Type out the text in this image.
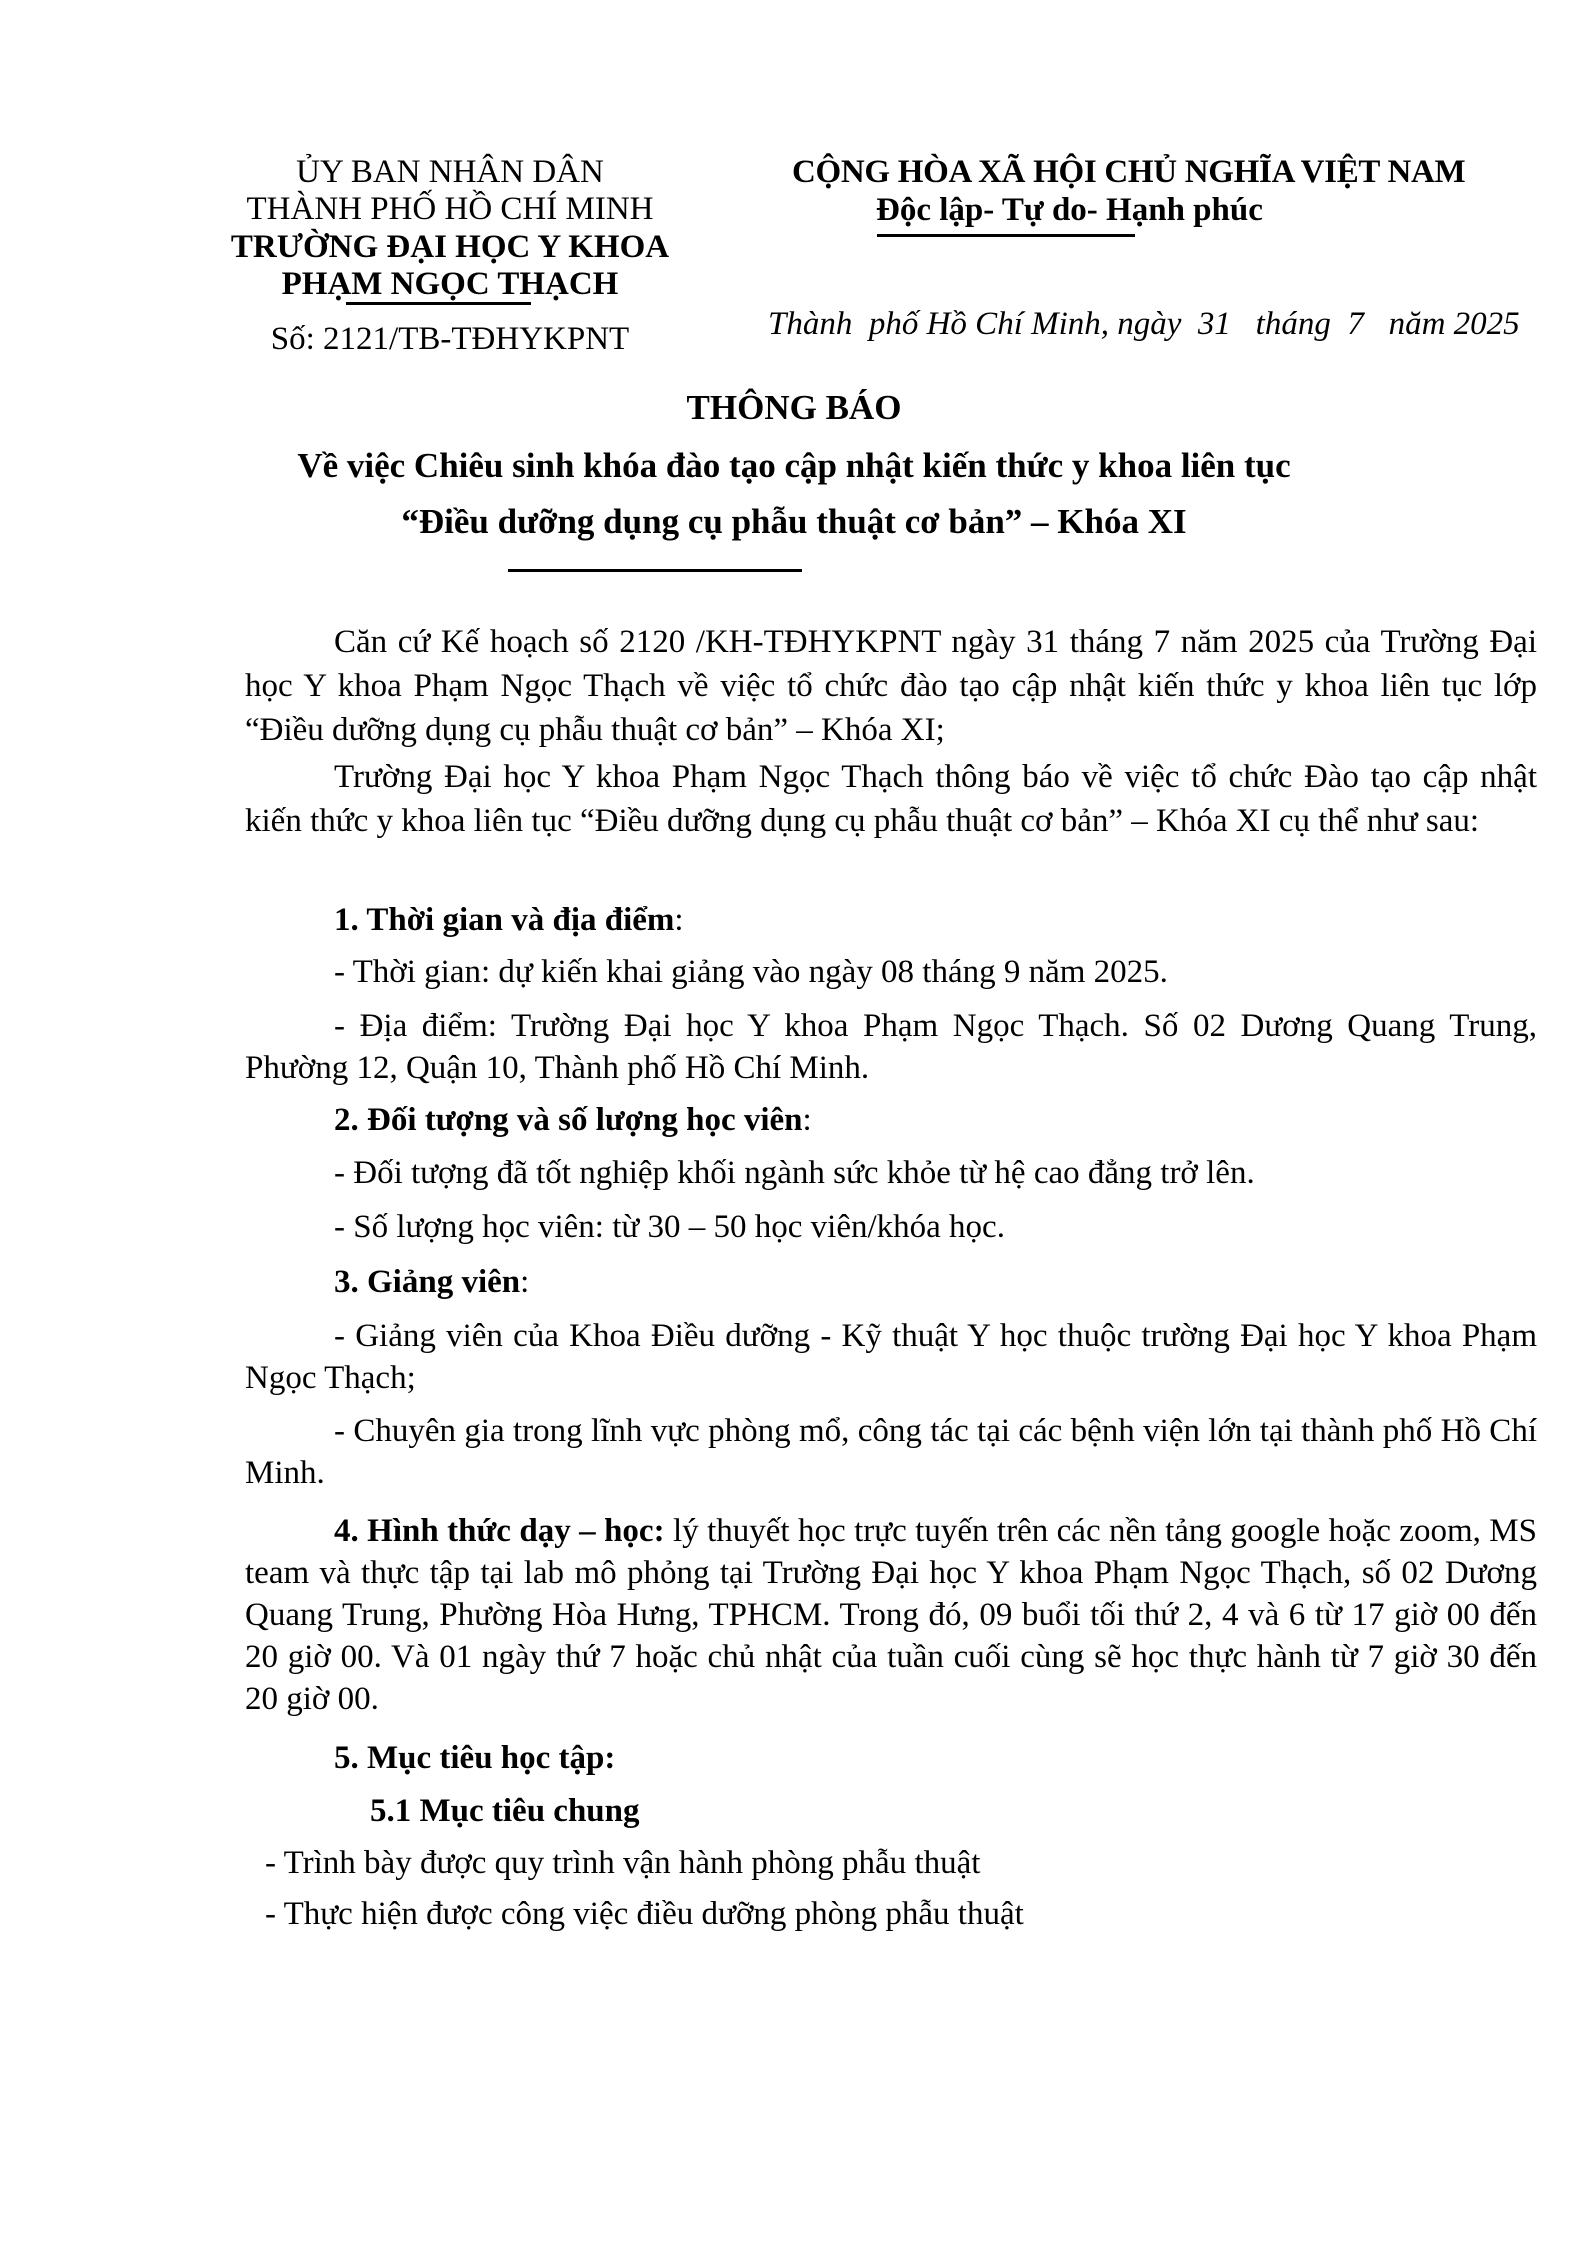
ỦY BAN NHÂN DÂN
THÀNH PHỐ HỒ CHÍ MINH
TRƯỜNG ĐẠI HỌC Y KHOA
PHẠM NGỌC THẠCH
Số: 2121/TB-TĐHYKPNT
CỘNG HÒA XÃ HỘI CHỦ NGHĨA VIỆT NAM
Độc lập- Tự do- Hạnh phúc
Thành  phố Hồ Chí Minh, ngày  31   tháng  7   năm 2025
THÔNG BÁO
Về việc Chiêu sinh khóa đào tạo cập nhật kiến thức y khoa liên tục
“Điều dưỡng dụng cụ phẫu thuật cơ bản” – Khóa XI
Căn cứ Kế hoạch số 2120 /KH-TĐHYKPNT ngày 31 tháng 7 năm 2025 của Trường Đại học Y khoa Phạm Ngọc Thạch về việc tổ chức đào tạo cập nhật kiến thức y khoa liên tục lớp “Điều dưỡng dụng cụ phẫu thuật cơ bản” – Khóa XI;
Trường Đại học Y khoa Phạm Ngọc Thạch thông báo về việc tổ chức Đào tạo cập nhật kiến thức y khoa liên tục “Điều dưỡng dụng cụ phẫu thuật cơ bản” – Khóa XI cụ thể như sau:
1. Thời gian và địa điểm:
- Thời gian: dự kiến khai giảng vào ngày 08 tháng 9 năm 2025.
- Địa điểm: Trường Đại học Y khoa Phạm Ngọc Thạch. Số 02 Dương Quang Trung, Phường 12, Quận 10, Thành phố Hồ Chí Minh.
2. Đối tượng và số lượng học viên:
- Đối tượng đã tốt nghiệp khối ngành sức khỏe từ hệ cao đẳng trở lên.
- Số lượng học viên: từ 30 – 50 học viên/khóa học.
3. Giảng viên:
- Giảng viên của Khoa Điều dưỡng - Kỹ thuật Y học thuộc trường Đại học Y khoa Phạm Ngọc Thạch;
- Chuyên gia trong lĩnh vực phòng mổ, công tác tại các bệnh viện lớn tại thành phố Hồ Chí Minh.
4. Hình thức dạy – học: lý thuyết học trực tuyến trên các nền tảng google hoặc zoom, MS team và thực tập tại lab mô phỏng tại Trường Đại học Y khoa Phạm Ngọc Thạch, số 02 Dương Quang Trung, Phường Hòa Hưng, TPHCM. Trong đó, 09 buổi tối thứ 2, 4 và 6 từ 17 giờ 00 đến 20 giờ 00. Và 01 ngày thứ 7 hoặc chủ nhật của tuần cuối cùng sẽ học thực hành từ 7 giờ 30 đến 20 giờ 00.
5. Mục tiêu học tập:
5.1 Mục tiêu chung
- Trình bày được quy trình vận hành phòng phẫu thuật
- Thực hiện được công việc điều dưỡng phòng phẫu thuật
